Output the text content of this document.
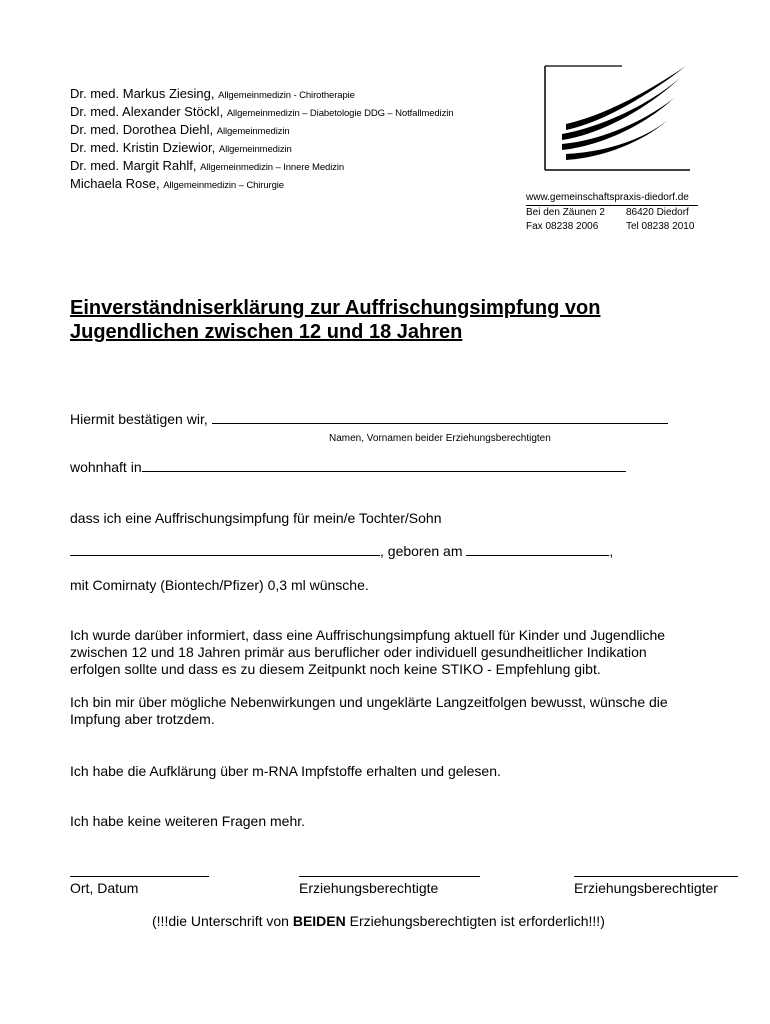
Dr. med. Markus Ziesing, Allgemeinmedizin - Chirotherapie
Dr. med. Alexander Stöckl, Allgemeinmedizin – Diabetologie DDG – Notfallmedizin
Dr. med. Dorothea Diehl, Allgemeinmedizin
Dr. med. Kristin Dziewior, Allgemeinmedizin
Dr. med. Margit Rahlf, Allgemeinmedizin – Innere Medizin
Michaela Rose, Allgemeinmedizin – Chirurgie
www.gemeinschaftspraxis-diedorf.de
Bei den Zäunen 2	86420 Diedorf
Fax 08238 2006	Tel 08238 2010
Einverständniserklärung zur Auffrischungsimpfung von
Jugendlichen zwischen 12 und 18 Jahren
Hiermit bestätigen wir,
Namen, Vornamen beider Erziehungsberechtigten
wohnhaft in
dass ich eine Auffrischungsimpfung für mein/e Tochter/Sohn
, geboren am	,
mit Comirnaty (Biontech/Pfizer) 0,3 ml wünsche.
Ich wurde darüber informiert, dass eine Auffrischungsimpfung aktuell für Kinder und Jugendliche
zwischen 12 und 18 Jahren primär aus beruflicher oder individuell gesundheitlicher Indikation
erfolgen sollte und dass es zu diesem Zeitpunkt noch keine STIKO - Empfehlung gibt.
Ich bin mir über mögliche Nebenwirkungen und ungeklärte Langzeitfolgen bewusst, wünsche die
Impfung aber trotzdem.
Ich habe die Aufklärung über m-RNA Impfstoffe erhalten und gelesen.
Ich habe keine weiteren Fragen mehr.
Ort, Datum	Erziehungsberechtigte	Erziehungsberechtigter
(!!!die Unterschrift von BEIDEN Erziehungsberechtigten ist erforderlich!!!)
